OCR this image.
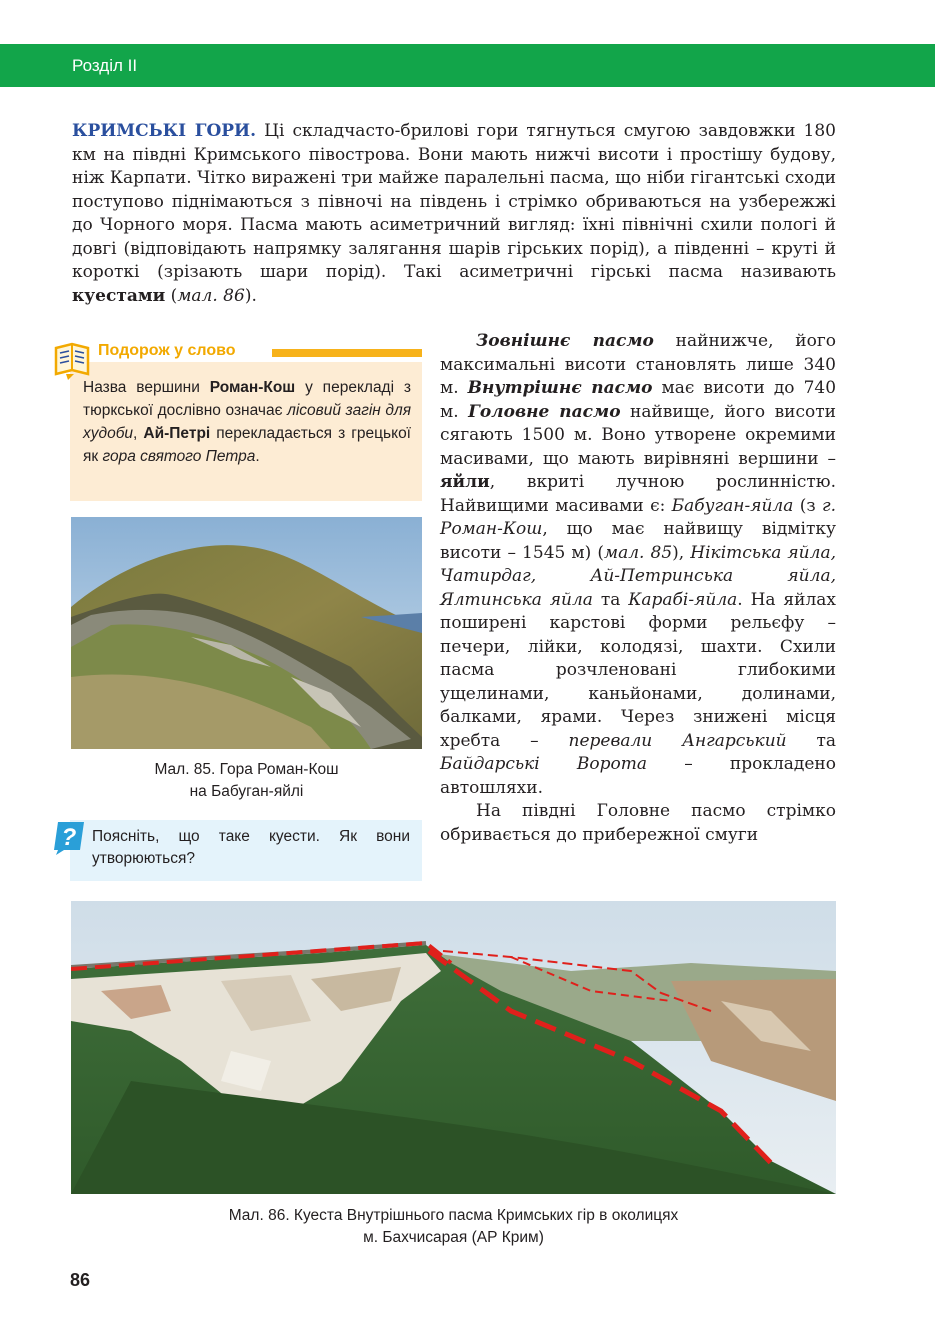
Розділ II
КРИМСЬКІ ГОРИ. Ці складчасто-брилові гори тягнуться смугою завдовжки 180 км на півдні Кримського півострова. Вони мають нижчі висоти і простішу будову, ніж Карпати. Чітко виражені три майже паралельні пасма, що ніби гігантські сходи поступово піднімаються з півночі на південь і стрімко обриваються на узбережжі до Чорного моря. Пасма мають асиметричний вигляд: їхні північні схили пологі й довгі (відповідають напрямку залягання шарів гірських порід), а південні – круті й короткі (зрізають шари порід). Такі асиметричні гірські пасма називають куестами (мал. 86).

Зовнішнє пасмо найнижче, його максимальні висоти становлять лише 340 м. Внутрішнє пасмо має висоти до 740 м. Головне пасмо найвище, його висоти сягають 1500 м. Воно утворене окремими масивами, що мають вирівняні вершини – яйли, вкриті лучною рослинністю. Найвищими масивами є: Бабуган-яйла (з г. Роман-Кош, що має найвищу відмітку висоти – 1545 м) (мал. 85), Нікітська яйла, Чатирдаг, Ай-Петринська яйла, Ялтинська яйла та Карабі-яйла. На яйлах поширені карстові форми рельєфу – печери, лійки, колодязі, шахти. Схили пасма розчленовані глибокими ущелинами, каньйонами, долинами, балками, ярами. Через знижені місця хребта – перевали Ангарський та Байдарські Ворота – прокладено автошляхи.

На півдні Головне пасмо стрімко обривається до прибережної смуги

Подорож у слово
Назва вершини Роман-Кош у перекладі з тюркської дослівно означає лісовий загін для худоби, Ай-Петрі перекладається з грецької як гора святого Петра.
Мал. 85. Гора Роман-Кош
на Бабуган-яйлі
? Поясніть, що таке куести. Як вони утворюються?
Мал. 86. Куеста Внутрішнього пасма Кримських гір в околицях
м. Бахчисарая (АР Крим)
86
